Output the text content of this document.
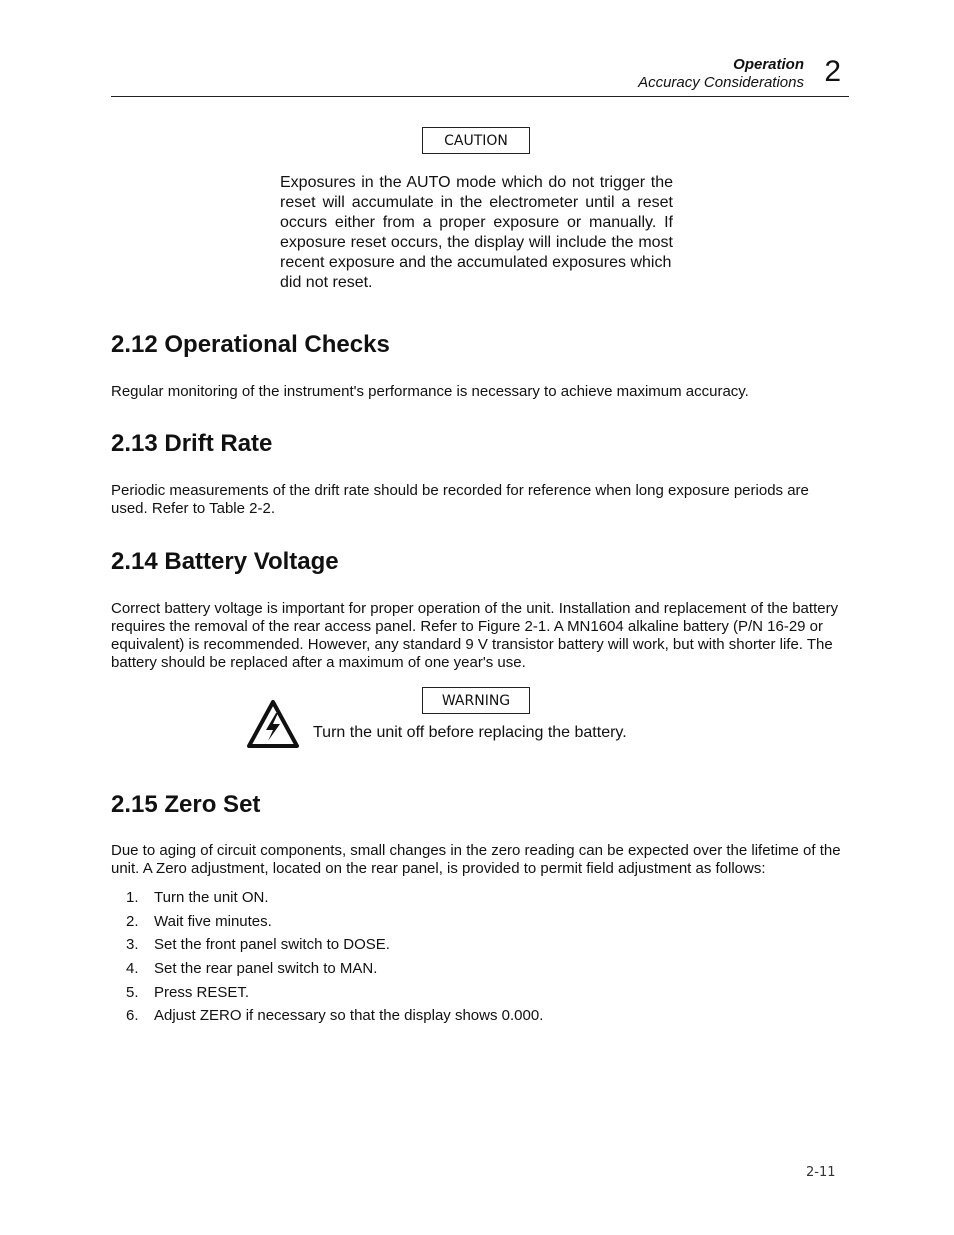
Operation
Accuracy Considerations 2
CAUTION
Exposures in the AUTO mode which do not trigger the reset will accumulate in the electrometer until a reset occurs either from a proper exposure or manually. If exposure reset occurs, the display will include the most recent exposure and the accumulated exposures which
did not reset.
2.12 Operational Checks

Regular monitoring of the instrument's performance is necessary to achieve maximum accuracy.

2.13 Drift Rate

Periodic measurements of the drift rate should be recorded for reference when long exposure periods are used. Refer to Table 2-2.

2.14 Battery Voltage

Correct battery voltage is important for proper operation of the unit. Installation and replacement of the battery requires the removal of the rear access panel. Refer to Figure 2-1. A MN1604 alkaline battery (P/N 16-29 or equivalent) is recommended. However, any standard 9 V transistor battery will work, but with shorter life. The battery should be replaced after a maximum of one year's use.

WARNING
Turn the unit off before replacing the battery.
2.15 Zero Set

Due to aging of circuit components, small changes in the zero reading can be expected over the lifetime of the unit. A Zero adjustment, located on the rear panel, is provided to permit field adjustment as follows:

1.	Turn the unit ON.
2.	Wait five minutes.
3.	Set the front panel switch to DOSE.
4.	Set the rear panel switch to MAN.
5.	Press RESET.
6.	Adjust ZERO if necessary so that the display shows 0.000.
2-11
